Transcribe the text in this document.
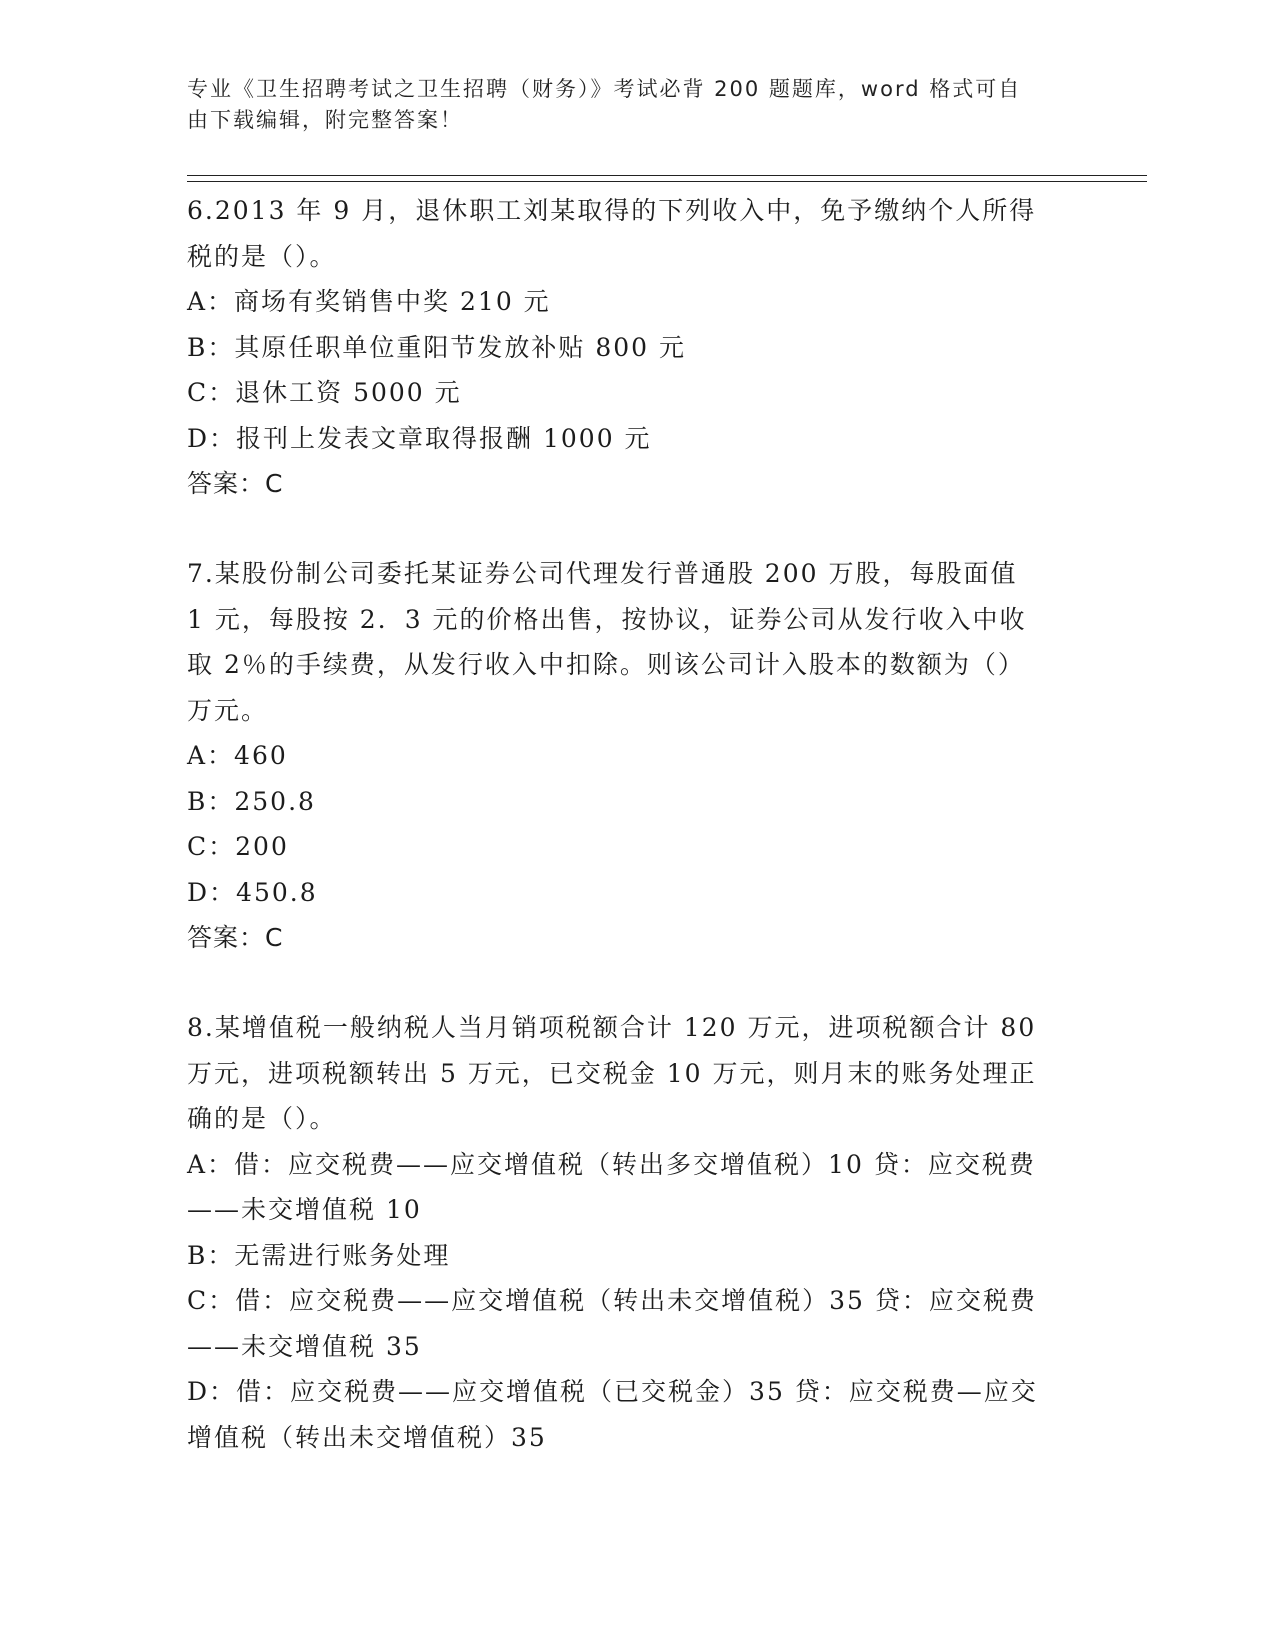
专业《卫生招聘考试之卫生招聘（财务）》考试必背 200 题题库，word 格式可自
由下载编辑，附完整答案！
6.2013 年 9 月，退休职工刘某取得的下列收入中，免予缴纳个人所得
税的是（）。
A：商场有奖销售中奖 210 元
B：其原任职单位重阳节发放补贴 800 元
C：退休工资 5000 元
D：报刊上发表文章取得报酬 1000 元
答案：C
7.某股份制公司委托某证券公司代理发行普通股 200 万股，每股面值
1 元，每股按 2．3 元的价格出售，按协议，证券公司从发行收入中收
取 2％的手续费，从发行收入中扣除。则该公司计入股本的数额为（）
万元。
A：460
B：250.8
C：200
D：450.8
答案：C
8.某增值税一般纳税人当月销项税额合计 120 万元，进项税额合计 80
万元，进项税额转出 5 万元，已交税金 10 万元，则月末的账务处理正
确的是（）。
A：借：应交税费——应交增值税（转出多交增值税）10 贷：应交税费
——未交增值税 10
B：无需进行账务处理
C：借：应交税费——应交增值税（转出未交增值税）35 贷：应交税费
——未交增值税 35
D：借：应交税费——应交增值税（已交税金）35 贷：应交税费—应交
增值税（转出未交增值税）35
